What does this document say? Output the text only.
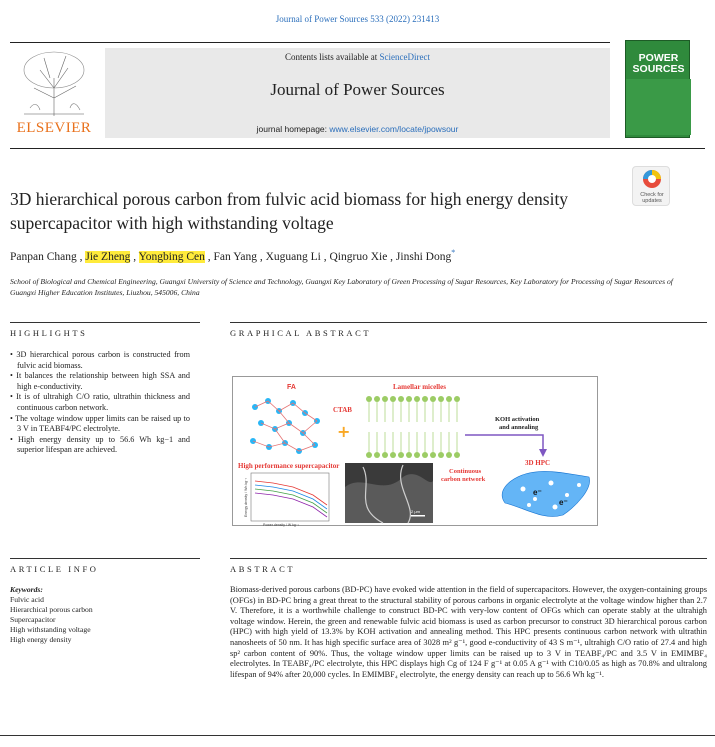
Journal of Power Sources 533 (2022) 231413
ELSEVIER
Contents lists available at ScienceDirect
Journal of Power Sources
journal homepage: www.elsevier.com/locate/jpowsour
POWER
SOURCES
Check for updates
3D hierarchical porous carbon from fulvic acid biomass for high energy density supercapacitor with high withstanding voltage
Panpan Chang , Jie Zheng , Yongbing Cen , Fan Yang , Xuguang Li , Qingruo Xie , Jinshi Dong*
School of Biological and Chemical Engineering, Guangxi University of Science and Technology, Guangxi Key Laboratory of Green Processing of Sugar Resources, Key Laboratory for Processing of Sugar Resources of Guangxi Higher Education Institutes, Liuzhou, 545006, China
HIGHLIGHTS	GRAPHICAL ABSTRACT
• 3D hierarchical porous carbon is constructed from fulvic acid biomass.
• It balances the relationship between high SSA and high e-conductivity.
• It is of ultrahigh C/O ratio, ultrathin thickness and continuous carbon network.
• The voltage window upper limits can be raised up to 3 V in TEABF4/PC electrolyte.
• High energy density up to 56.6 Wh kg−1 and superior lifespan are achieved.
FA
High performance supercapacitor
Power density / W kg⁻¹
Energy density / Wh kg⁻¹
+
CTAB
Lamellar micelles
2 μm
KOH activation and annealing
3D HPC
Continuous carbon network
e⁻
e⁻
ARTICLE INFO	ABSTRACT
Keywords:
Fulvic acid
Hierarchical porous carbon
Supercapacitor
High withstanding voltage
High energy density
Biomass-derived porous carbons (BD-PC) have evoked wide attention in the field of supercapacitors. However, the oxygen-containing groups (OFGs) in BD-PC bring a great threat to the structural stability of porous carbons in organic electrolyte at the voltage window higher than 2.7 V. Therefore, it is a worthwhile challenge to construct BD-PC with very-low content of OFGs which can operate stably at the ultrahigh voltage window. Herein, the green and renewable fulvic acid biomass is used as carbon precursor to construct 3D hierarchical porous carbon (HPC) with high yield of 13.3% by KOH activation and annealing method. This HPC presents continuous carbon network with ultrathin nanosheets of 50 nm. It has high specific surface area of 3028 m² g⁻¹, good e-conductivity of 43 S m⁻¹, ultrahigh C/O ratio of 27.4 and high sp² carbon content of 90%. Thus, the voltage window upper limits can be raised up to 3 V in TEABF₄/PC and 3.5 V in EMIMBF₄ electrolytes. In TEABF₄/PC electrolyte, this HPC displays high Cg of 124 F g⁻¹ at 0.05 A g⁻¹ with C10/0.05 as high as 70.8% and ultralong lifespan of 94% after 20,000 cycles. In EMIMBF₄ electrolyte, the energy density can reach up to 56.6 Wh kg⁻¹.
